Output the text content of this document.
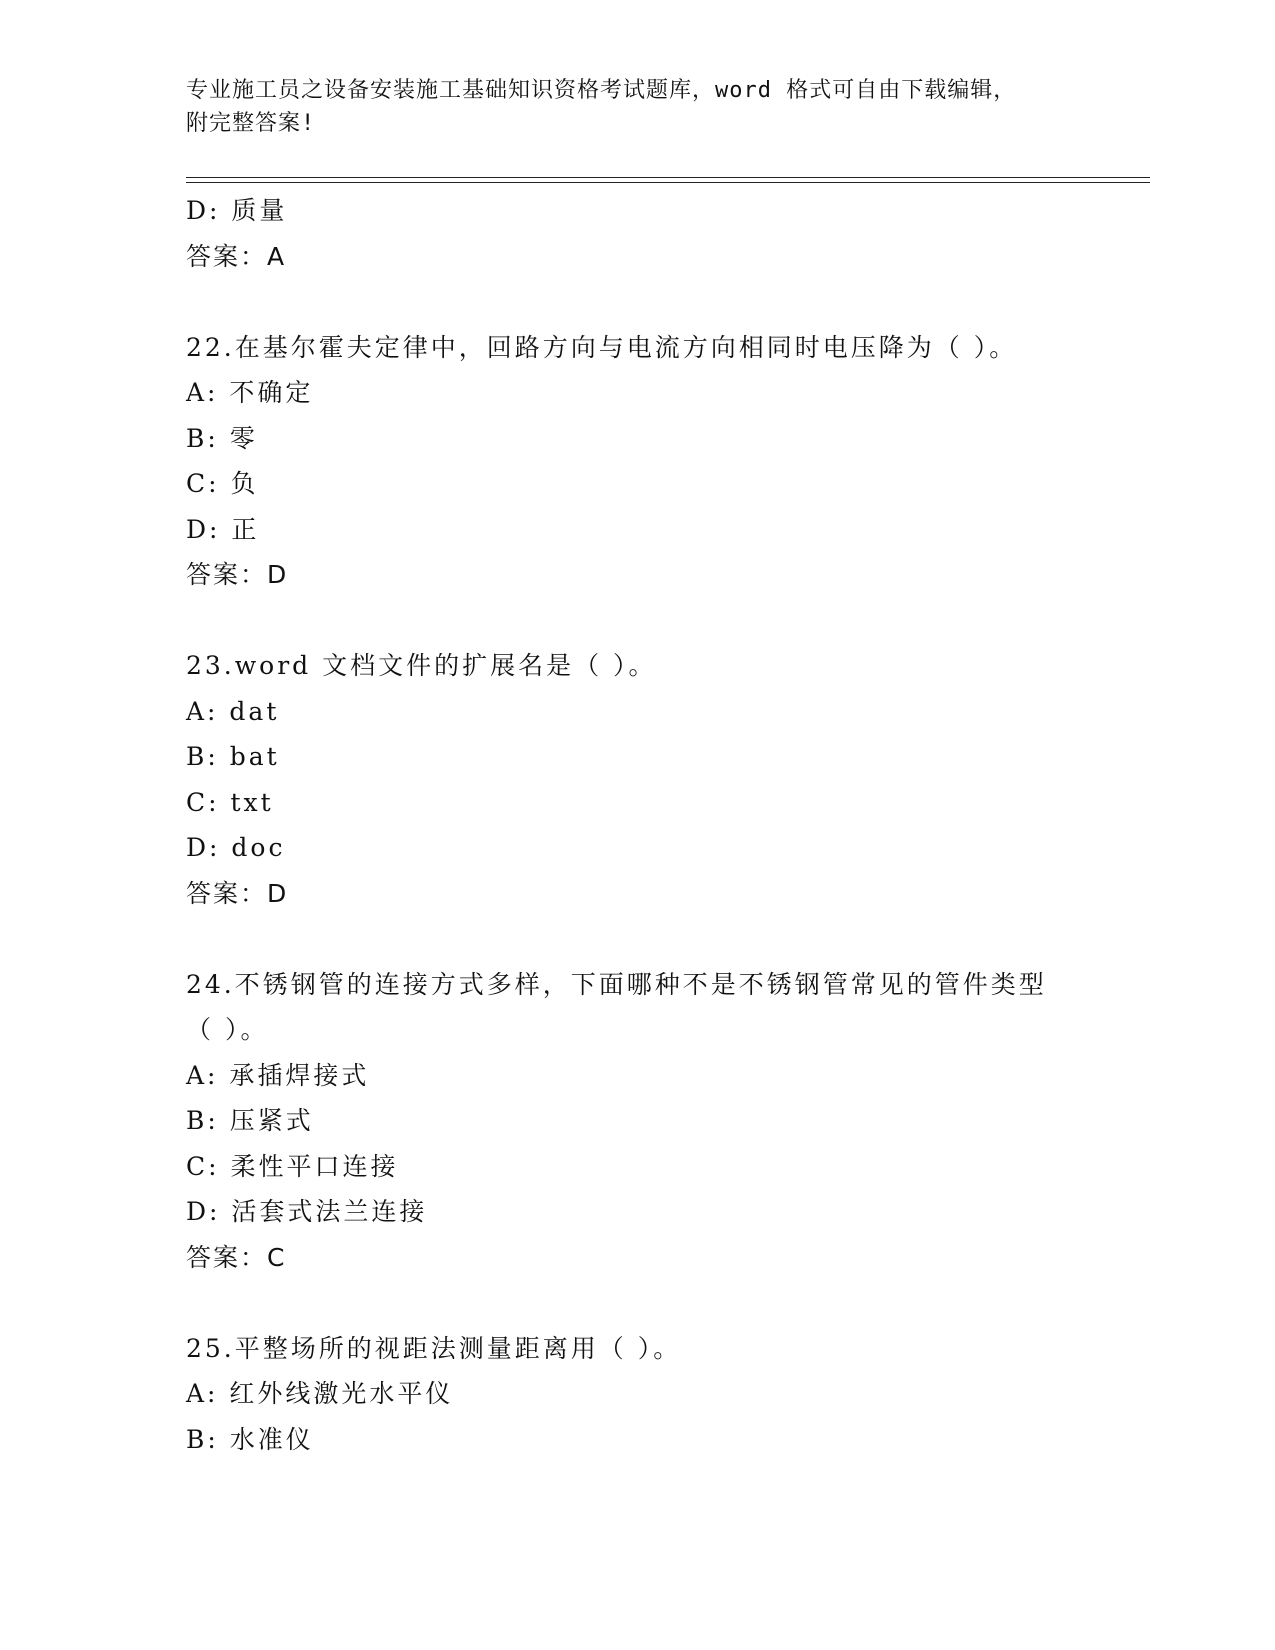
专业施工员之设备安装施工基础知识资格考试题库，word 格式可自由下载编辑，
附完整答案!
D: 质量
答案：A
22.在基尔霍夫定律中，回路方向与电流方向相同时电压降为（ ）。
A: 不确定
B: 零
C: 负
D: 正
答案：D
23.word 文档文件的扩展名是（ ）。
A: dat
B: bat
C: txt
D: doc
答案：D
24.不锈钢管的连接方式多样，下面哪种不是不锈钢管常见的管件类型
（ ）。
A: 承插焊接式
B: 压紧式
C: 柔性平口连接
D: 活套式法兰连接
答案：C
25.平整场所的视距法测量距离用（ ）。
A: 红外线激光水平仪
B: 水准仪
